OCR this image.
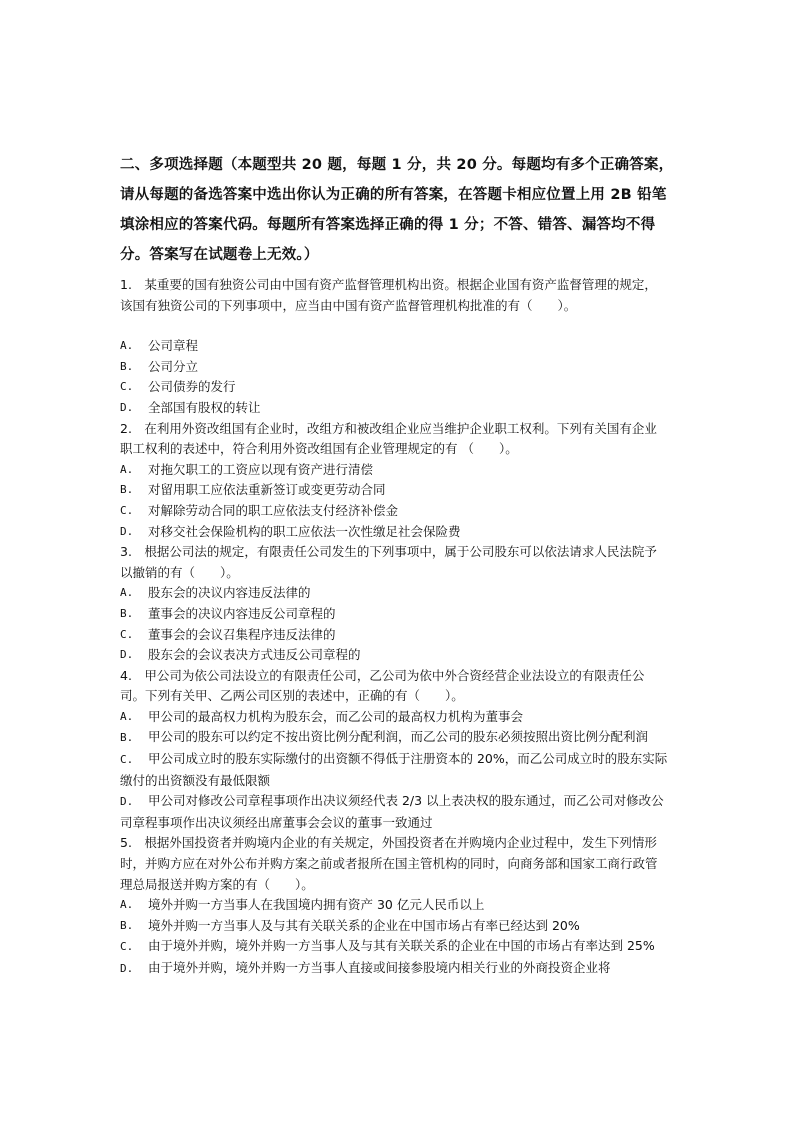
二、多项选择题（本题型共 20 题，每题 1 分，共 20 分。每题均有多个正确答案，请从每题的备选答案中选出你认为正确的所有答案，在答题卡相应位置上用 2B 铅笔填涂相应的答案代码。每题所有答案选择正确的得 1 分；不答、错答、漏答均不得分。答案写在试题卷上无效。）

1.　某重要的国有独资公司由中国有资产监督管理机构出资。根据企业国有资产监督管理的规定，该国有独资公司的下列事项中，应当由中国有资产监督管理机构批准的有（　　）。

A.	公司章程
B.	公司分立
C.	公司债券的发行
D.	全部国有股权的转让

2.　在利用外资改组国有企业时，改组方和被改组企业应当维护企业职工权利。下列有关国有企业职工权利的表述中，符合利用外资改组国有企业管理规定的有 （　　）。

A.	对拖欠职工的工资应以现有资产进行清偿
B.	对留用职工应依法重新签订或变更劳动合同
C.	对解除劳动合同的职工应依法支付经济补偿金
D.	对移交社会保险机构的职工应依法一次性缴足社会保险费

3.　根据公司法的规定，有限责任公司发生的下列事项中，属于公司股东可以依法请求人民法院予以撤销的有（　　）。

A.	股东会的决议内容违反法律的
B.	董事会的决议内容违反公司章程的
C.	董事会的会议召集程序违反法律的
D.	股东会的会议表决方式违反公司章程的

4.　甲公司为依公司法设立的有限责任公司，乙公司为依中外合资经营企业法设立的有限责任公司。下列有关甲、乙两公司区别的表述中，正确的有（　　）。

A.	甲公司的最高权力机构为股东会，而乙公司的最高权力机构为董事会
B. 甲公司的股东可以约定不按出资比例分配利润，而乙公司的股东必须按照出资比例分配利润
C. 甲公司成立时的股东实际缴付的出资额不得低于注册资本的 20%，而乙公司成立时的股东实际缴付的出资额没有最低限额
D. 甲公司对修改公司章程事项作出决议须经代表 2/3 以上表决权的股东通过，而乙公司对修改公司章程事项作出决议须经出席董事会会议的董事一致通过

5.　根据外国投资者并购境内企业的有关规定，外国投资者在并购境内企业过程中，发生下列情形时，并购方应在对外公布并购方案之前或者报所在国主管机构的同时，向商务部和国家工商行政管理总局报送并购方案的有（　　）。

A.	境外并购一方当事人在我国境内拥有资产 30 亿元人民币以上
B.	境外并购一方当事人及与其有关联关系的企业在中国市场占有率已经达到 20%
C. 由于境外并购，境外并购一方当事人及与其有关联关系的企业在中国的市场占有率达到 25%
D. 由于境外并购，境外并购一方当事人直接或间接参股境内相关行业的外商投资企业将
